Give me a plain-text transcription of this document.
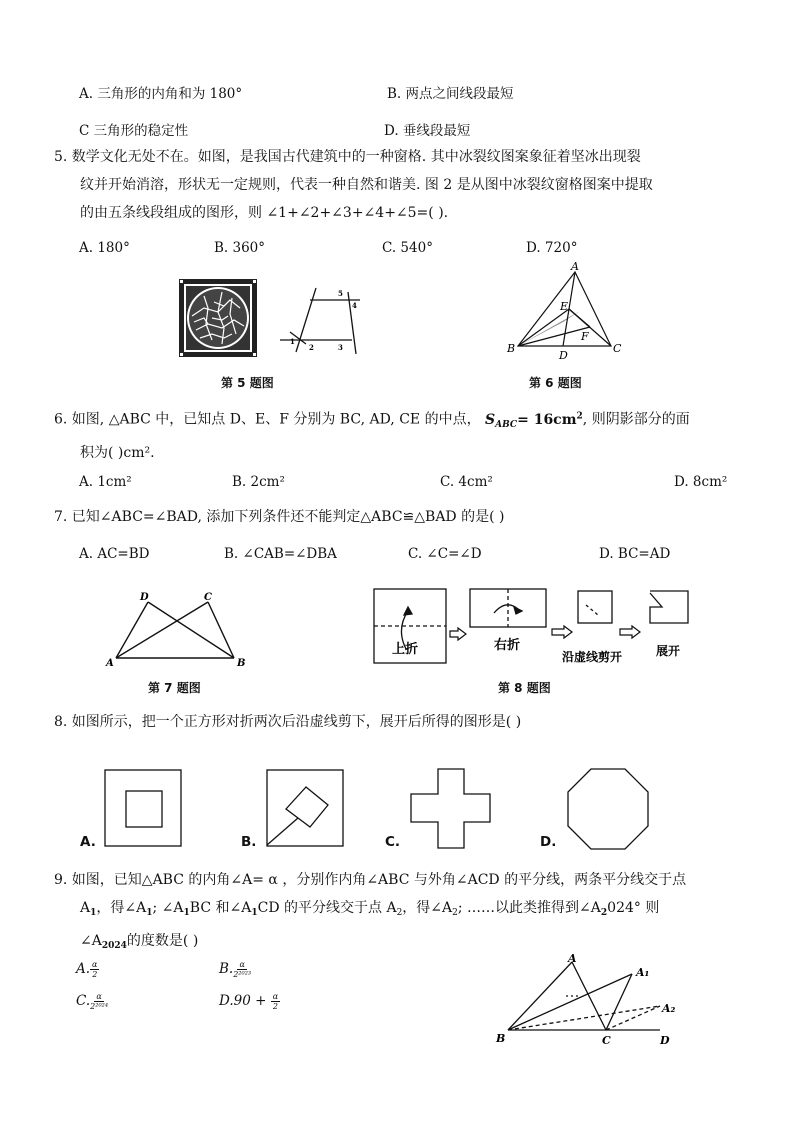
A. 三角形的内角和为 180°	B. 两点之间线段最短
C 三角形的稳定性	D. 垂线段最短

5. 数学文化无处不在。如图，是我国古代建筑中的一种窗格. 其中冰裂纹图案象征着坚冰出现裂

纹并开始消溶，形状无一定规则，代表一种自然和谐美. 图 2 是从图中冰裂纹窗格图案中提取

的由五条线段组成的图形，则 ∠1+∠2+∠3+∠4+∠5=( ).

A. 180°	B. 360°	C. 540°	D. 720°
1
2	3
4
5
第 5 题图
A
B	C
D
E
F
第 6 题图

6. 如图, △ABC 中，已知点 D、E、F 分别为 BC, AD, CE 的中点， $S_{ABC}= 16cm^2$, 则阴影部分的面

积为( )cm².

A. 1cm²	B. 2cm²	C. 4cm²	D. 8cm²

7. 已知∠ABC=∠BAD, 添加下列条件还不能判定△ABC≌△BAD 的是( )

A. AC=BD	B. ∠CAB=∠DBA	C. ∠C=∠D	D. BC=AD
D	C
A	B
第 7 题图
上折	右折
沿虚线剪开	展开
第 8 题图

8. 如图所示，把一个正方形对折两次后沿虚线剪下，展开后所得的图形是( )

A.	B.	C.	D.

9. 如图，已知△ABC 的内角∠A= α ，分别作内角∠ABC 与外角∠ACD 的平分线，两条平分线交于点

$A_1$，得$\angle A_1$; $\angle A_1BC$ 和$\angle A_1CD$ 的平分线交于点 $A_2$，得$\angle A_2$; ……以此类推得到$\angle A_2024^\circ$ 则

$\angle A_{2024}$的度数是( )

A. $\frac{\alpha}{2}$	B. $\frac{\alpha}{\text{2²⁰²³}}$
C. $\frac{\alpha}{\text{2²⁰²⁴}}$	$D.90 + \frac{\alpha}{2}$
A
A₁
A₂
B	C	D
